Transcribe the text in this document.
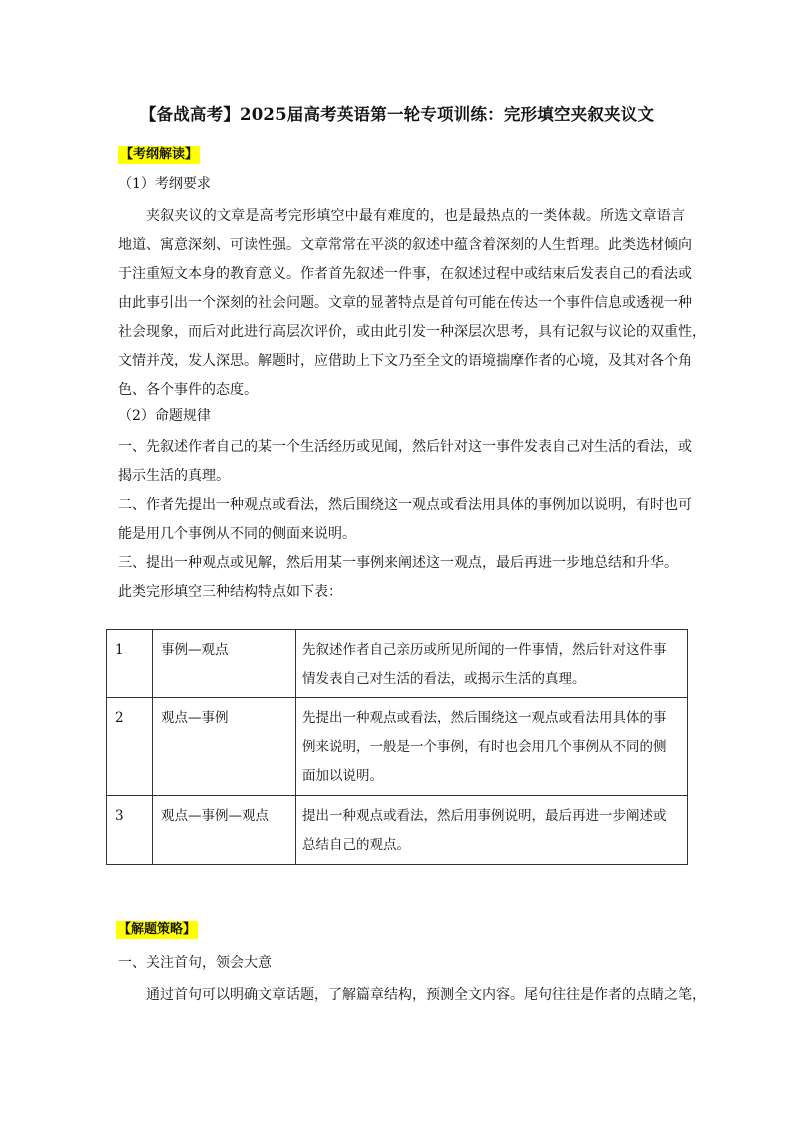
【备战高考】2025届高考英语第一轮专项训练：完形填空夹叙夹议文
【考纲解读】
（1）考纲要求
夹叙夹议的文章是高考完形填空中最有难度的，也是最热点的一类体裁。所选文章语言
地道、寓意深刻、可读性强。文章常常在平淡的叙述中蕴含着深刻的人生哲理。此类选材倾向
于注重短文本身的教育意义。作者首先叙述一件事，在叙述过程中或结束后发表自己的看法或
由此事引出一个深刻的社会问题。文章的显著特点是首句可能在传达一个事件信息或透视一种
社会现象，而后对此进行高层次评价，或由此引发一种深层次思考，具有记叙与议论的双重性，
文情并茂，发人深思。解题时，应借助上下文乃至全文的语境揣摩作者的心境，及其对各个角
色、各个事件的态度。
（2）命题规律
一、先叙述作者自己的某一个生活经历或见闻，然后针对这一事件发表自己对生活的看法，或
揭示生活的真理。
二、作者先提出一种观点或看法，然后围绕这一观点或看法用具体的事例加以说明，有时也可
能是用几个事例从不同的侧面来说明。
三、提出一种观点或见解，然后用某一事例来阐述这一观点，最后再进一步地总结和升华。
此类完形填空三种结构特点如下表：
1	事例—观点	先叙述作者自己亲历或所见所闻的一件事情，然后针对这件事
情发表自己对生活的看法，或揭示生活的真理。

2	观点—事例	先提出一种观点或看法，然后围绕这一观点或看法用具体的事
例来说明，一般是一个事例，有时也会用几个事例从不同的侧
面加以说明。

3	观点—事例—观点	提出一种观点或看法，然后用事例说明，最后再进一步阐述或
总结自己的观点。
【解题策略】
一、关注首句，领会大意
通过首句可以明确文章话题，了解篇章结构，预测全文内容。尾句往往是作者的点睛之笔，
